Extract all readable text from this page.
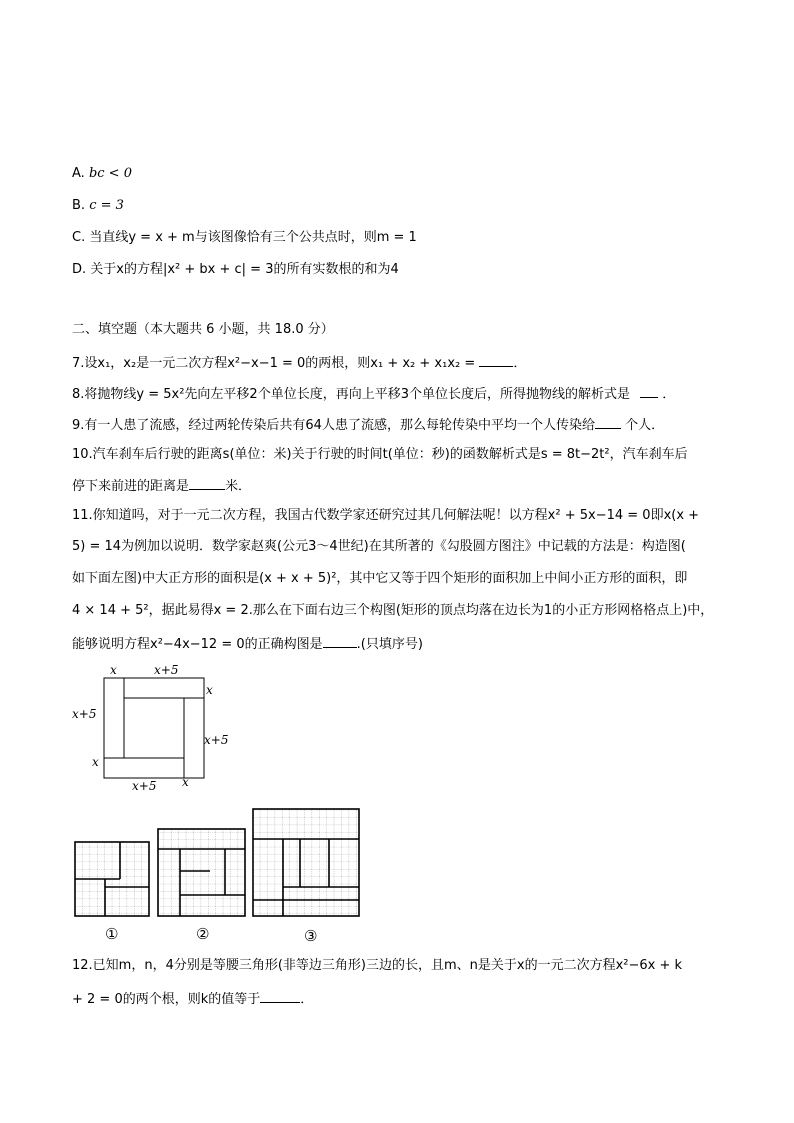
A. bc < 0
B. c = 3
C. 当直线y = x + m与该图像恰有三个公共点时，则m = 1
D. 关于x的方程|x² + bx + c| = 3的所有实数根的和为4
二、填空题（本大题共 6 小题，共 18.0 分）
7.设x₁，x₂是一元二次方程x²−x−1 = 0的两根，则x₁ + x₂ + x₁x₂ =	．
8.将抛物线y = 5x²先向左平移2个单位长度，再向上平移3个单位长度后，所得抛物线的解析式是  ．
9.有一人患了流感，经过两轮传染后共有64人患了流感，那么每轮传染中平均一个人传染给 个人．
10.汽车刹车后行驶的距离s(单位：米)关于行驶的时间t(单位：秒)的函数解析式是s = 8t−2t²，汽车刹车后
停下来前进的距离是	米．
11.你知道吗，对于一元二次方程，我国古代数学家还研究过其几何解法呢！以方程x² + 5x−14 = 0即x(x +
5) = 14为例加以说明．数学家赵爽(公元3～4世纪)在其所著的《勾股圆方图注》中记载的方法是：构造图(
如下面左图)中大正方形的面积是(x + x + 5)²，其中它又等于四个矩形的面积加上中间小正方形的面积，即
4 × 14 + 5²，据此易得x = 2.那么在下面右边三个构图(矩形的顶点均落在边长为1的小正方形网格格点上)中，
能够说明方程x²−4x−12 = 0的正确构图是	.(只填序号)
x	x+5
x
x+5
x+5
x
x+5 x
①	②	③
12.已知m，n，4分别是等腰三角形(非等边三角形)三边的长，且m、n是关于x的一元二次方程x²−6x + k
+ 2 = 0的两个根，则k的值等于	．
